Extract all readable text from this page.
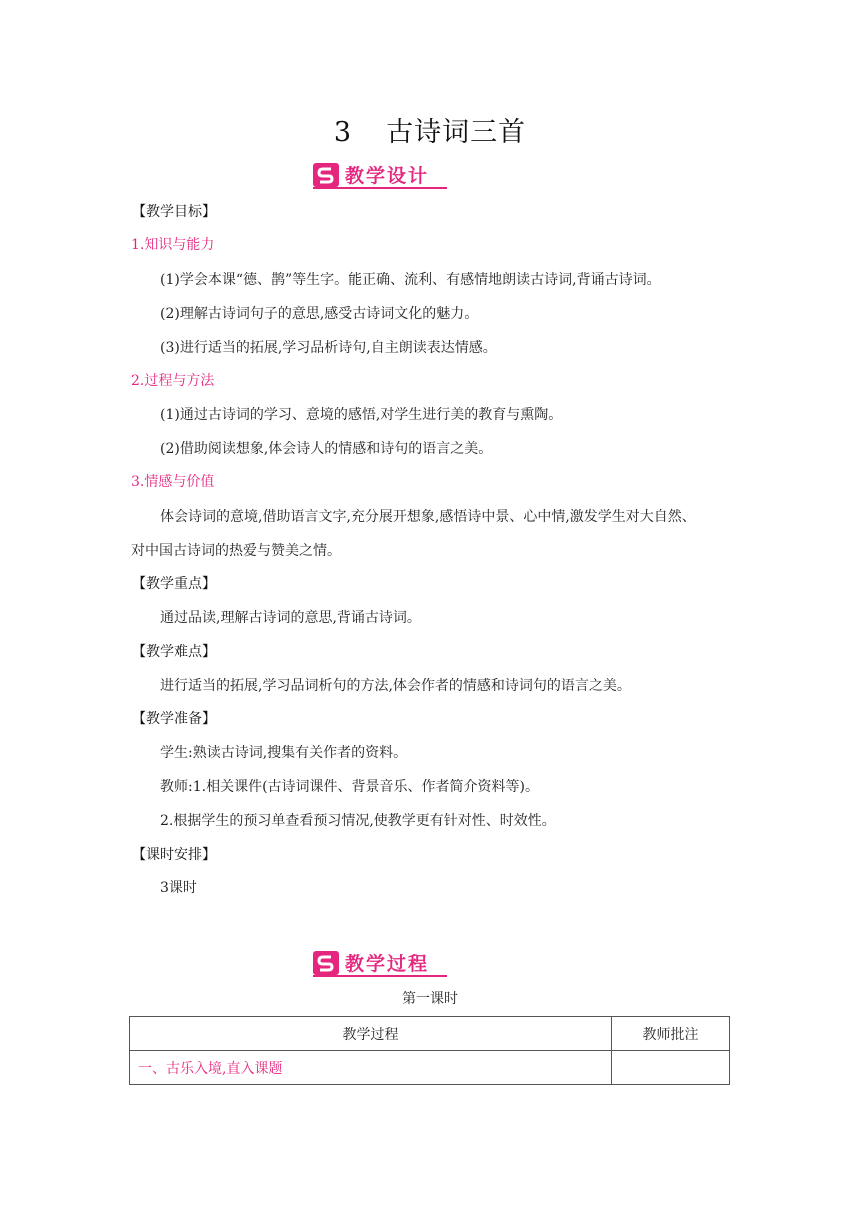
3 古诗词三首
教学设计
【教学目标】
1.知识与能力
(1)学会本课“德、鹊”等生字。能正确、流利、有感情地朗读古诗词,背诵古诗词。
(2)理解古诗词句子的意思,感受古诗词文化的魅力。
(3)进行适当的拓展,学习品析诗句,自主朗读表达情感。
2.过程与方法
(1)通过古诗词的学习、意境的感悟,对学生进行美的教育与熏陶。
(2)借助阅读想象,体会诗人的情感和诗句的语言之美。
3.情感与价值
体会诗词的意境,借助语言文字,充分展开想象,感悟诗中景、心中情,激发学生对大自然、
对中国古诗词的热爱与赞美之情。
【教学重点】
通过品读,理解古诗词的意思,背诵古诗词。
【教学难点】
进行适当的拓展,学习品词析句的方法,体会作者的情感和诗词句的语言之美。
【教学准备】
学生:熟读古诗词,搜集有关作者的资料。
教师:1.相关课件(古诗词课件、背景音乐、作者简介资料等)。
2.根据学生的预习单查看预习情况,使教学更有针对性、时效性。
【课时安排】
3课时
教学过程
第一课时
教学过程	教师批注
一、古乐入境,直入课题	
